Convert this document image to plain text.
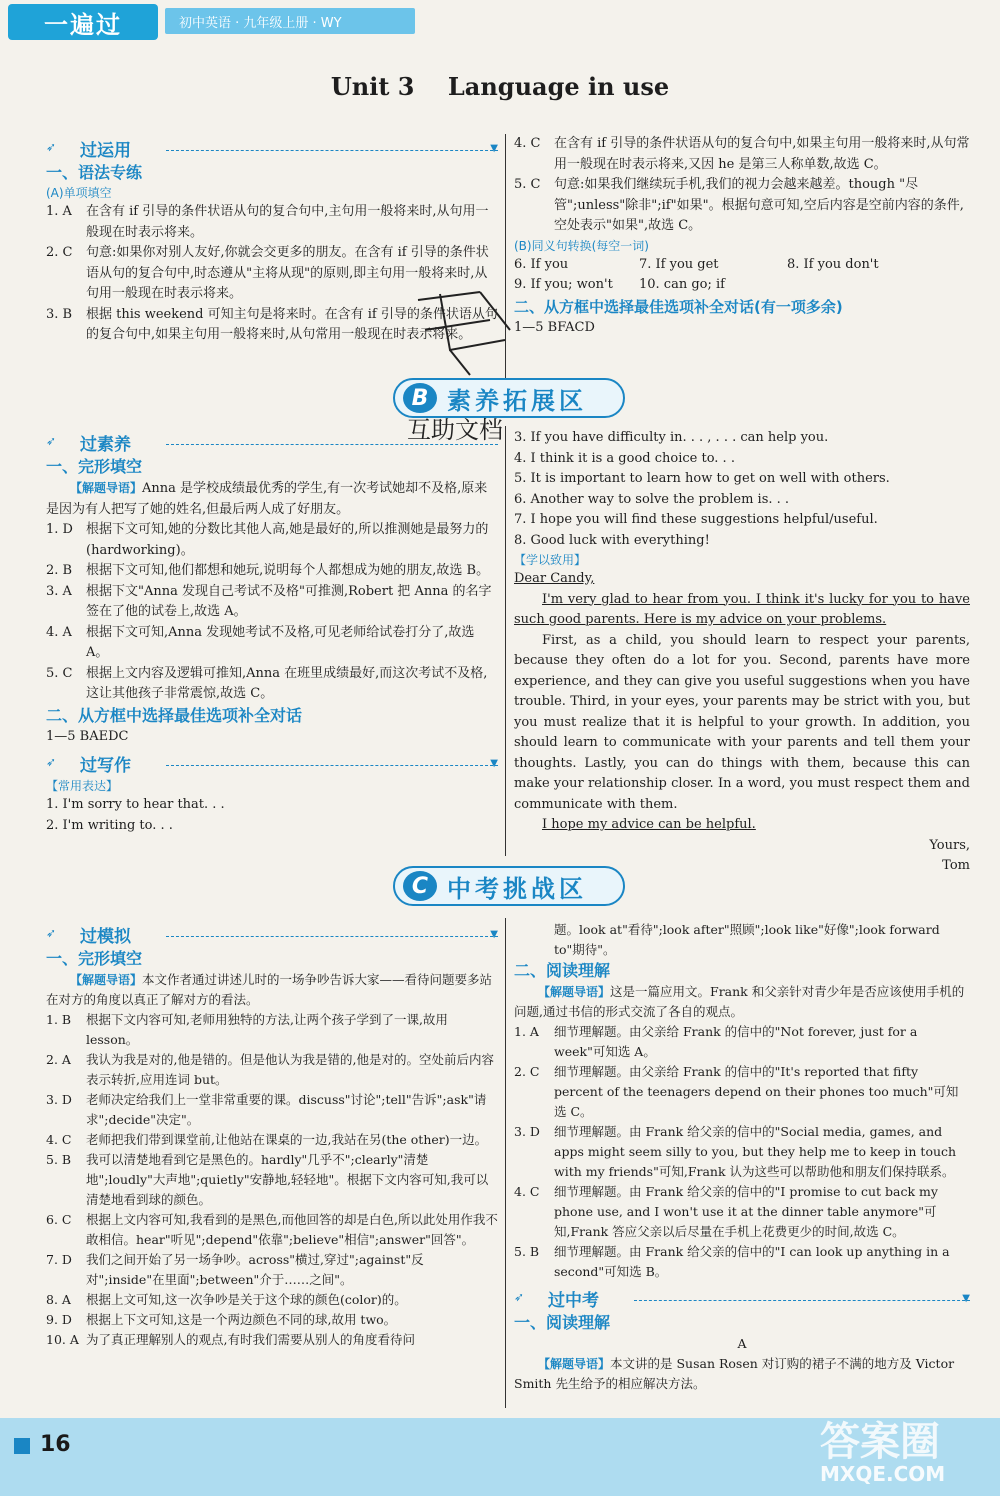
一遍过	初中英语 · 九年级上册 · WY
Unit 3    Language in use
➶	过运用	▼
一、语法专练
(A)单项填空
1. A	在含有 if 引导的条件状语从句的复合句中,主句用一般将来时,从句用一般现在时表示将来。
2. C	句意:如果你对别人友好,你就会交更多的朋友。在含有 if 引导的条件状语从句的复合句中,时态遵从"主将从现"的原则,即主句用一般将来时,从句用一般现在时表示将来。
3. B	根据 this weekend 可知主句是将来时。在含有 if 引导的条件状语从句的复合句中,如果主句用一般将来时,从句常用一般现在时表示将来。
4. C	在含有 if 引导的条件状语从句的复合句中,如果主句用一般将来时,从句常用一般现在时表示将来,又因 he 是第三人称单数,故选 C。
5. C	句意:如果我们继续玩手机,我们的视力会越来越差。though "尽管";unless"除非";if"如果"。根据句意可知,空后内容是空前内容的条件,空处表示"如果",故选 C。
(B)同义句转换(每空一词)
6. If you	7. If you get	8. If you don't
9. If you; won't	10. can go; if
二、从方框中选择最佳选项补全对话(有一项多余)
1—5 BFACD
B 素养拓展区
互助文档
➶	过素养
一、完形填空
【解题导语】Anna 是学校成绩最优秀的学生,有一次考试她却不及格,原来是因为有人把写了她的姓名,但最后两人成了好朋友。
1. D	根据下文可知,她的分数比其他人高,她是最好的,所以推测她是最努力的(hardworking)。
2. B	根据下文可知,他们都想和她玩,说明每个人都想成为她的朋友,故选 B。
3. A	根据下文"Anna 发现自己考试不及格"可推测,Robert 把 Anna 的名字签在了他的试卷上,故选 A。
4. A	根据下文可知,Anna 发现她考试不及格,可见老师给试卷打分了,故选 A。
5. C	根据上文内容及逻辑可推知,Anna 在班里成绩最好,而这次考试不及格,这让其他孩子非常震惊,故选 C。
二、从方框中选择最佳选项补全对话
1—5 BAEDC
➶	过写作	▼
【常用表达】
1. I'm sorry to hear that. . .
2. I'm writing to. . .
3. If you have difficulty in. . . , . . . can help you.
4. I think it is a good choice to. . .
5. It is important to learn how to get on well with others.
6. Another way to solve the problem is. . .
7. I hope you will find these suggestions helpful/useful.
8. Good luck with everything!
【学以致用】
Dear Candy,
I'm very glad to hear from you. I think it's lucky for you to have such good parents. Here is my advice on your problems.
First, as a child, you should learn to respect your parents, because they often do a lot for you. Second, parents have more experience, and they can give you useful suggestions when you have trouble. Third, in your eyes, your parents may be strict with you, but you must realize that it is helpful to your growth. In addition, you should learn to communicate with your parents and tell them your thoughts. Lastly, you can do things with them, because this can make your relationship closer. In a word, you must respect them and communicate with them.
I hope my advice can be helpful.
Yours,
Tom
C 中考挑战区
➶	过模拟	▼
一、完形填空
【解题导语】本文作者通过讲述儿时的一场争吵告诉大家——看待问题要多站在对方的角度以真正了解对方的看法。
1. B	根据下文内容可知,老师用独特的方法,让两个孩子学到了一课,故用 lesson。
2. A	我认为我是对的,他是错的。但是他认为我是错的,他是对的。空处前后内容表示转折,应用连词 but。
3. D	老师决定给我们上一堂非常重要的课。discuss"讨论";tell"告诉";ask"请求";decide"决定"。
4. C	老师把我们带到课堂前,让他站在课桌的一边,我站在另(the other)一边。
5. B	我可以清楚地看到它是黑色的。hardly"几乎不";clearly"清楚地";loudly"大声地";quietly"安静地,轻轻地"。根据下文内容可知,我可以清楚地看到球的颜色。
6. C	根据上文内容可知,我看到的是黑色,而他回答的却是白色,所以此处用作我不敢相信。hear"听见";depend"依靠";believe"相信";answer"回答"。
7. D	我们之间开始了另一场争吵。across"横过,穿过";against"反对";inside"在里面";between"介于……之间"。
8. A	根据上文可知,这一次争吵是关于这个球的颜色(color)的。
9. D	根据上下文可知,这是一个两边颜色不同的球,故用 two。
10. A 为了真正理解别人的观点,有时我们需要从别人的角度看待问
题。look at"看待";look after"照顾";look like"好像";look forward to"期待"。
二、阅读理解
【解题导语】这是一篇应用文。Frank 和父亲针对青少年是否应该使用手机的问题,通过书信的形式交流了各自的观点。
1. A	细节理解题。由父亲给 Frank 的信中的"Not forever, just for a week"可知选 A。
2. C	细节理解题。由父亲给 Frank 的信中的"It's reported that fifty percent of the teenagers depend on their phones too much"可知选 C。
3. D	细节理解题。由 Frank 给父亲的信中的"Social media, games, and apps might seem silly to you, but they help me to keep in touch with my friends"可知,Frank 认为这些可以帮助他和朋友们保持联系。
4. C	细节理解题。由 Frank 给父亲的信中的"I promise to cut back my phone use, and I won't use it at the dinner table anymore"可知,Frank 答应父亲以后尽量在手机上花费更少的时间,故选 C。
5. B	细节理解题。由 Frank 给父亲的信中的"I can look up anything in a second"可知选 B。
➶	过中考	▼
一、阅读理解
A
【解题导语】本文讲的是 Susan Rosen 对订购的裙子不满的地方及 Victor Smith 先生给予的相应解决方法。
16	答案圈
MXQE.COM
